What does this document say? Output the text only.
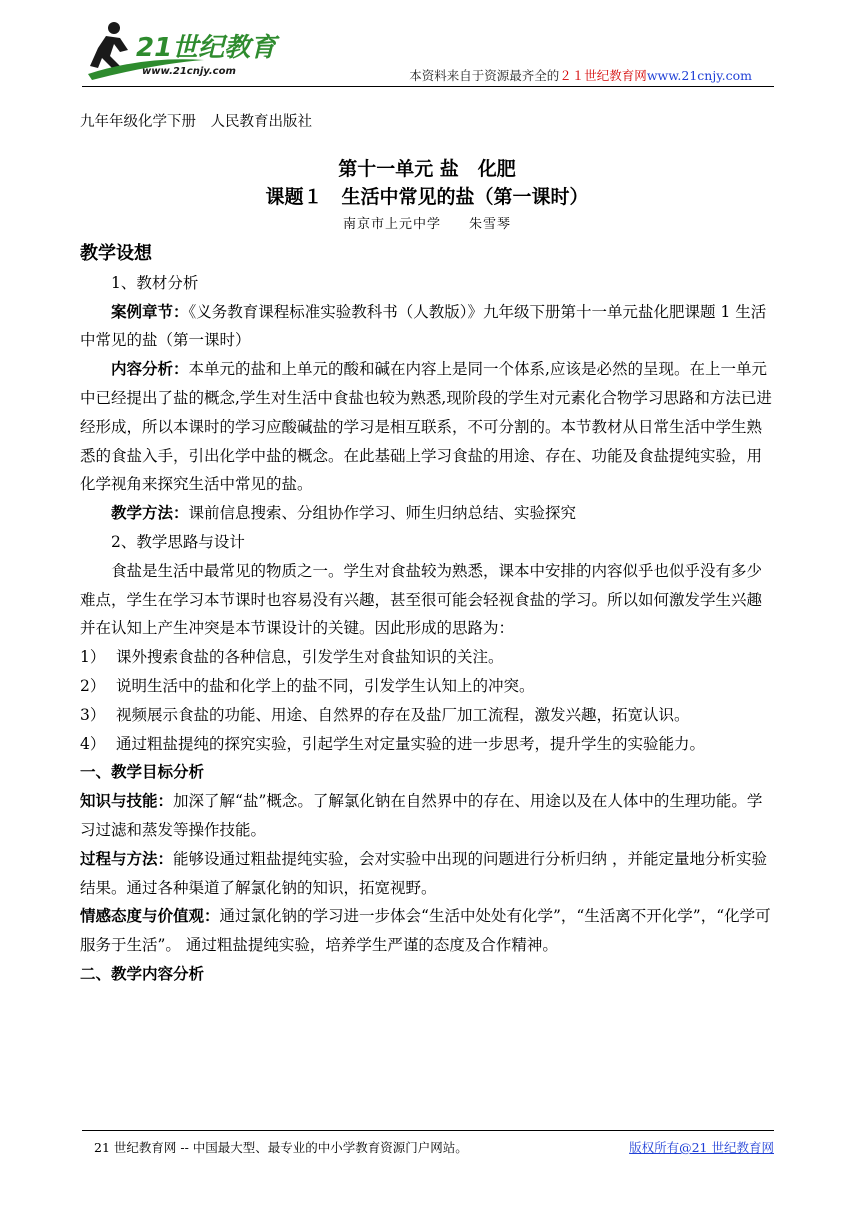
21世纪教育
www.21cnjy.com	本资料来自于资源最齐全的２１世纪教育网www.21cnjy.com

九年年级化学下册　人民教育出版社

第十一单元 盐　化肥

课题１　生活中常见的盐（第一课时）

南京市上元中学　　朱雪琴

教学设想

1、教材分析

案例章节：《义务教育课程标准实验教科书（人教版）》九年级下册第十一单元盐化肥课题 1 生活中常见的盐（第一课时）

内容分析：本单元的盐和上单元的酸和碱在内容上是同一个体系,应该是必然的呈现。在上一单元中已经提出了盐的概念,学生对生活中食盐也较为熟悉,现阶段的学生对元素化合物学习思路和方法已进经形成，所以本课时的学习应酸碱盐的学习是相互联系，不可分割的。本节教材从日常生活中学生熟悉的食盐入手，引出化学中盐的概念。在此基础上学习食盐的用途、存在、功能及食盐提纯实验，用化学视角来探究生活中常见的盐。

教学方法：课前信息搜索、分组协作学习、师生归纳总结、实验探究

2、教学思路与设计

食盐是生活中最常见的物质之一。学生对食盐较为熟悉，课本中安排的内容似乎也似乎没有多少难点，学生在学习本节课时也容易没有兴趣，甚至很可能会轻视食盐的学习。所以如何激发学生兴趣并在认知上产生冲突是本节课设计的关键。因此形成的思路为：

1） 课外搜索食盐的各种信息，引发学生对食盐知识的关注。
2） 说明生活中的盐和化学上的盐不同，引发学生认知上的冲突。
3） 视频展示食盐的功能、用途、自然界的存在及盐厂加工流程，激发兴趣，拓宽认识。
4） 通过粗盐提纯的探究实验，引起学生对定量实验的进一步思考，提升学生的实验能力。

一、教学目标分析

知识与技能：加深了解“盐”概念。了解氯化钠在自然界中的存在、用途以及在人体中的生理功能。学习过滤和蒸发等操作技能。

过程与方法：能够设通过粗盐提纯实验，会对实验中出现的问题进行分析归纳 ，并能定量地分析实验结果。通过各种渠道了解氯化钠的知识，拓宽视野。

情感态度与价值观：通过氯化钠的学习进一步体会“生活中处处有化学”，“生活离不开化学”，“化学可服务于生活”。 通过粗盐提纯实验，培养学生严谨的态度及合作精神。

二、教学内容分析

21 世纪教育网 -- 中国最大型、最专业的中小学教育资源门户网站。	版权所有@21 世纪教育网
